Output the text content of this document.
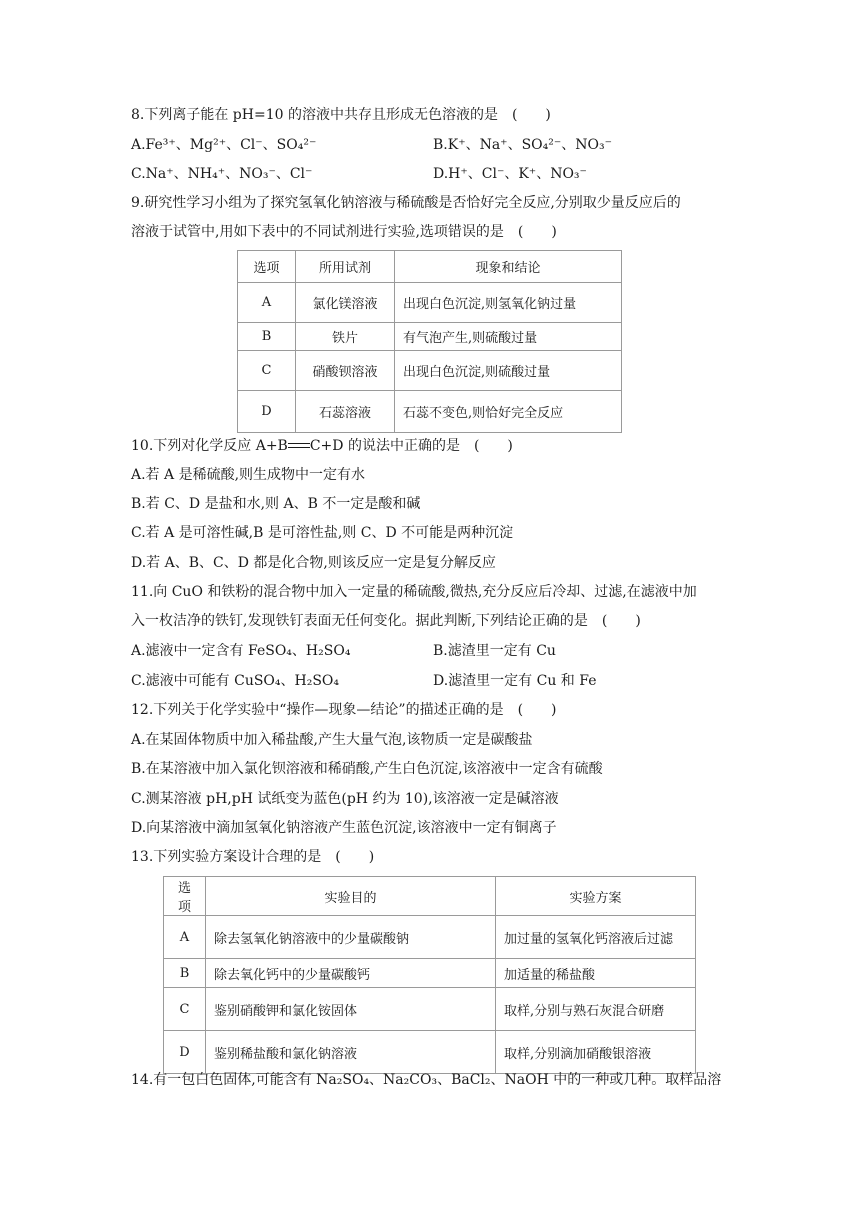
8.下列离子能在 pH=10 的溶液中共存且形成无色溶液的是　(　　)
A.Fe³⁺、Mg²⁺、Cl⁻、SO₄²⁻	B.K⁺、Na⁺、SO₄²⁻、NO₃⁻
C.Na⁺、NH₄⁺、NO₃⁻、Cl⁻	D.H⁺、Cl⁻、K⁺、NO₃⁻
9.研究性学习小组为了探究氢氧化钠溶液与稀硫酸是否恰好完全反应,分别取少量反应后的
溶液于试管中,用如下表中的不同试剂进行实验,选项错误的是　(　　)
选项	所用试剂	现象和结论
A	氯化镁溶液	出现白色沉淀,则氢氧化钠过量
B	铁片	有气泡产生,则硫酸过量
C	硝酸钡溶液	出现白色沉淀,则硫酸过量
D	石蕊溶液	石蕊不变色,则恰好完全反应
10.下列对化学反应 A+B C+D 的说法中正确的是　(　　)
A.若 A 是稀硫酸,则生成物中一定有水
B.若 C、D 是盐和水,则 A、B 不一定是酸和碱
C.若 A 是可溶性碱,B 是可溶性盐,则 C、D 不可能是两种沉淀
D.若 A、B、C、D 都是化合物,则该反应一定是复分解反应
11.向 CuO 和铁粉的混合物中加入一定量的稀硫酸,微热,充分反应后冷却、过滤,在滤液中加
入一枚洁净的铁钉,发现铁钉表面无任何变化。据此判断,下列结论正确的是　(　　)
A.滤液中一定含有 FeSO₄、H₂SO₄	B.滤渣里一定有 Cu
C.滤液中可能有 CuSO₄、H₂SO₄	D.滤渣里一定有 Cu 和 Fe
12.下列关于化学实验中“操作—现象—结论”的描述正确的是　(　　)
A.在某固体物质中加入稀盐酸,产生大量气泡,该物质一定是碳酸盐
B.在某溶液中加入氯化钡溶液和稀硝酸,产生白色沉淀,该溶液中一定含有硫酸
C.测某溶液 pH,pH 试纸变为蓝色(pH 约为 10),该溶液一定是碱溶液
D.向某溶液中滴加氢氧化钠溶液产生蓝色沉淀,该溶液中一定有铜离子
13.下列实验方案设计合理的是　(　　)
选项	实验目的	实验方案
A	除去氢氧化钠溶液中的少量碳酸钠	加过量的氢氧化钙溶液后过滤
B	除去氧化钙中的少量碳酸钙	加适量的稀盐酸
C	鉴别硝酸钾和氯化铵固体	取样,分别与熟石灰混合研磨
D	鉴别稀盐酸和氯化钠溶液	取样,分别滴加硝酸银溶液
14.有一包白色固体,可能含有 Na₂SO₄、Na₂CO₃、BaCl₂、NaOH 中的一种或几种。取样品溶
